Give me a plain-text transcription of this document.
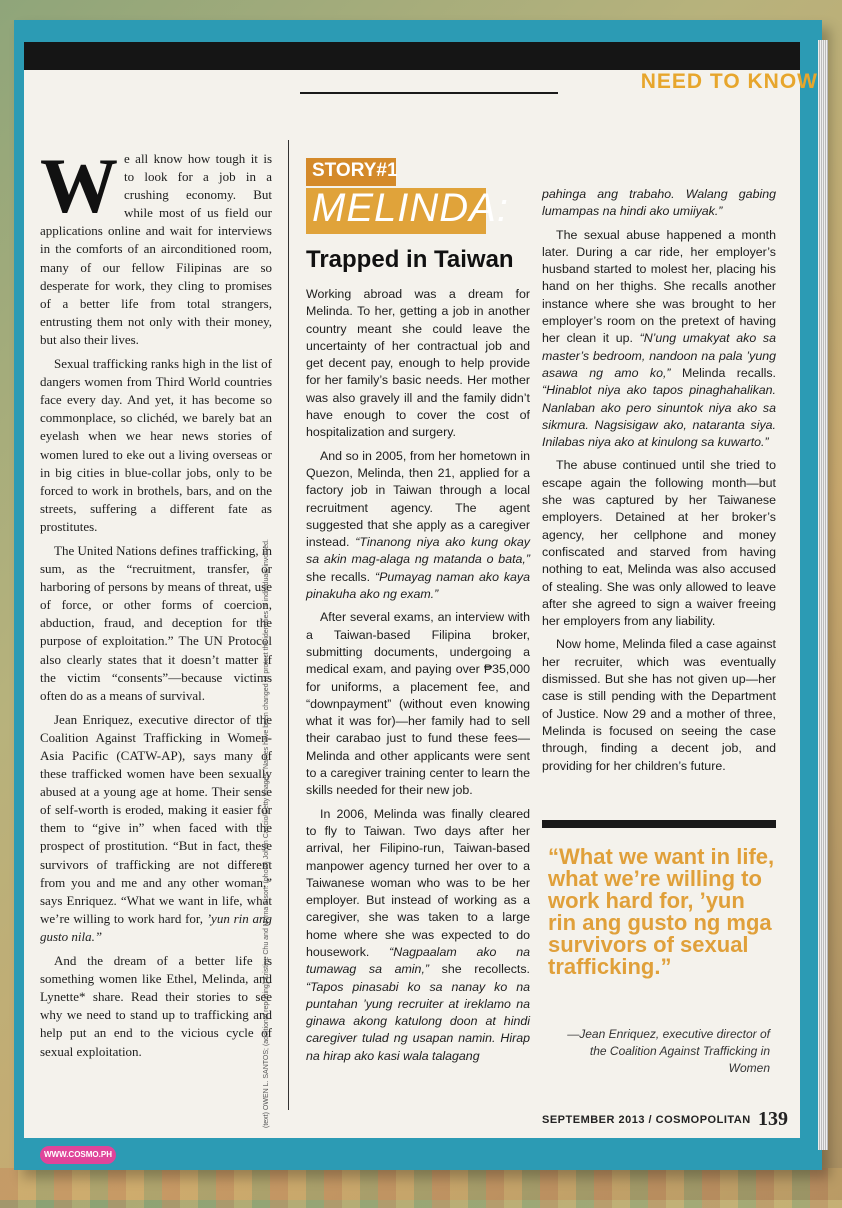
NEED TO KNOW

We all know how tough it is to look for a job in a crushing economy. But while most of us field our applications online and wait for interviews in the comforts of an airconditioned room, many of our fellow Filipinas are so desperate for work, they cling to promises of a better life from total strangers, entrusting them not only with their money, but also their lives.

Sexual trafficking ranks high in the list of dangers women from Third World countries face every day. And yet, it has become so commonplace, so clichéd, we barely bat an eyelash when we hear news stories of women lured to eke out a living overseas or in big cities in blue-collar jobs, only to be forced to work in brothels, bars, and on the streets, suffering a different fate as prostitutes.

The United Nations defines trafficking, in sum, as the “recruitment, transfer, or harboring of persons by means of threat, use of force, or other forms of coercion, abduction, fraud, and deception for the purpose of exploitation.” The UN Protocol also clearly states that it doesn’t matter if the victim “consents”—because victims often do as a means of survival.

Jean Enriquez, executive director of the Coalition Against Trafficking in Women-Asia Pacific (CATW-AP), says many of these trafficked women have been sexually abused at a young age at home. Their sense of self-worth is eroded, making it easier for them to “give in” when faced with the prospect of prostitution. “But in fact, these survivors of trafficking are not different from you and me and any other woman,” says Enriquez. “What we want in life, what we’re willing to work hard for, ’yun rin ang gusto nila.”

And the dream of a better life is something women like Ethel, Melinda, and Lynette* share. Read their stories to see why we need to stand up to trafficking and help put an end to the vicious cycle of sexual exploitation.	(text) OWEN L. SANTOS; (additional reporting) Kristine Chu and Myrna Sison. (photo) Johan Cancio/Getty Images. Names have been changed to protect the identities of individuals involved.
STORY#1
MELINDA:
Trapped in Taiwan

Working abroad was a dream for Melinda. To her, getting a job in another country meant she could leave the uncertainty of her contractual job and get decent pay, enough to help provide for her family’s basic needs. Her mother was also gravely ill and the family didn’t have enough to cover the cost of hospitalization and surgery.

And so in 2005, from her hometown in Quezon, Melinda, then 21, applied for a factory job in Taiwan through a local recruitment agency. The agent suggested that she apply as a caregiver instead. “Tinanong niya ako kung okay sa akin mag-alaga ng matanda o bata,” she recalls. “Pumayag naman ako kaya pinakuha ako ng exam.”

After several exams, an interview with a Taiwan-based Filipina broker, submitting documents, undergoing a medical exam, and paying over ₱35,000 for uniforms, a placement fee, and “downpayment” (without even knowing what it was for)—her family had to sell their carabao just to fund these fees—Melinda and other applicants were sent to a caregiver training center to learn the skills needed for their new job.

In 2006, Melinda was finally cleared to fly to Taiwan. Two days after her arrival, her Filipino-run, Taiwan-based manpower agency turned her over to a Taiwanese woman who was to be her employer. But instead of working as a caregiver, she was taken to a large home where she was expected to do housework. “Nagpaalam ako na tumawag sa amin,” she recollects. “Tapos pinasabi ko sa nanay ko na puntahan ’yung recruiter at ireklamo na ginawa akong katulong doon at hindi caregiver tulad ng usapan namin. Hirap na hirap ako kasi wala talagang

pahinga ang trabaho. Walang gabing lumampas na hindi ako umiiyak.”

The sexual abuse happened a month later. During a car ride, her employer’s husband started to molest her, placing his hand on her thighs. She recalls another instance where she was brought to her employer’s room on the pretext of having her clean it up. “N’ung umakyat ako sa master’s bedroom, nandoon na pala ’yung asawa ng amo ko,” Melinda recalls. “Hinablot niya ako tapos pinaghahalikan. Nanlaban ako pero sinuntok niya ako sa sikmura. Nagsisigaw ako, nataranta siya. Inilabas niya ako at kinulong sa kuwarto.”

The abuse continued until she tried to escape again the following month—but she was captured by her Taiwanese employers. Detained at her broker’s agency, her cellphone and money confiscated and starved from having nothing to eat, Melinda was also accused of stealing. She was only allowed to leave after she agreed to sign a waiver freeing her employers from any liability.

Now home, Melinda filed a case against her recruiter, which was eventually dismissed. But she has not given up—her case is still pending with the Department of Justice. Now 29 and a mother of three, Melinda is focused on seeing the case through, finding a decent job, and providing for her children’s future.

“What we want in life, what we’re willing to work hard for, ’yun rin ang gusto ng mga survivors of sexual trafficking.”
—Jean Enriquez, executive director of the Coalition Against Trafficking in Women
SEPTEMBER 2013 / COSMOPOLITAN 139
WWW.COSMO.PH
